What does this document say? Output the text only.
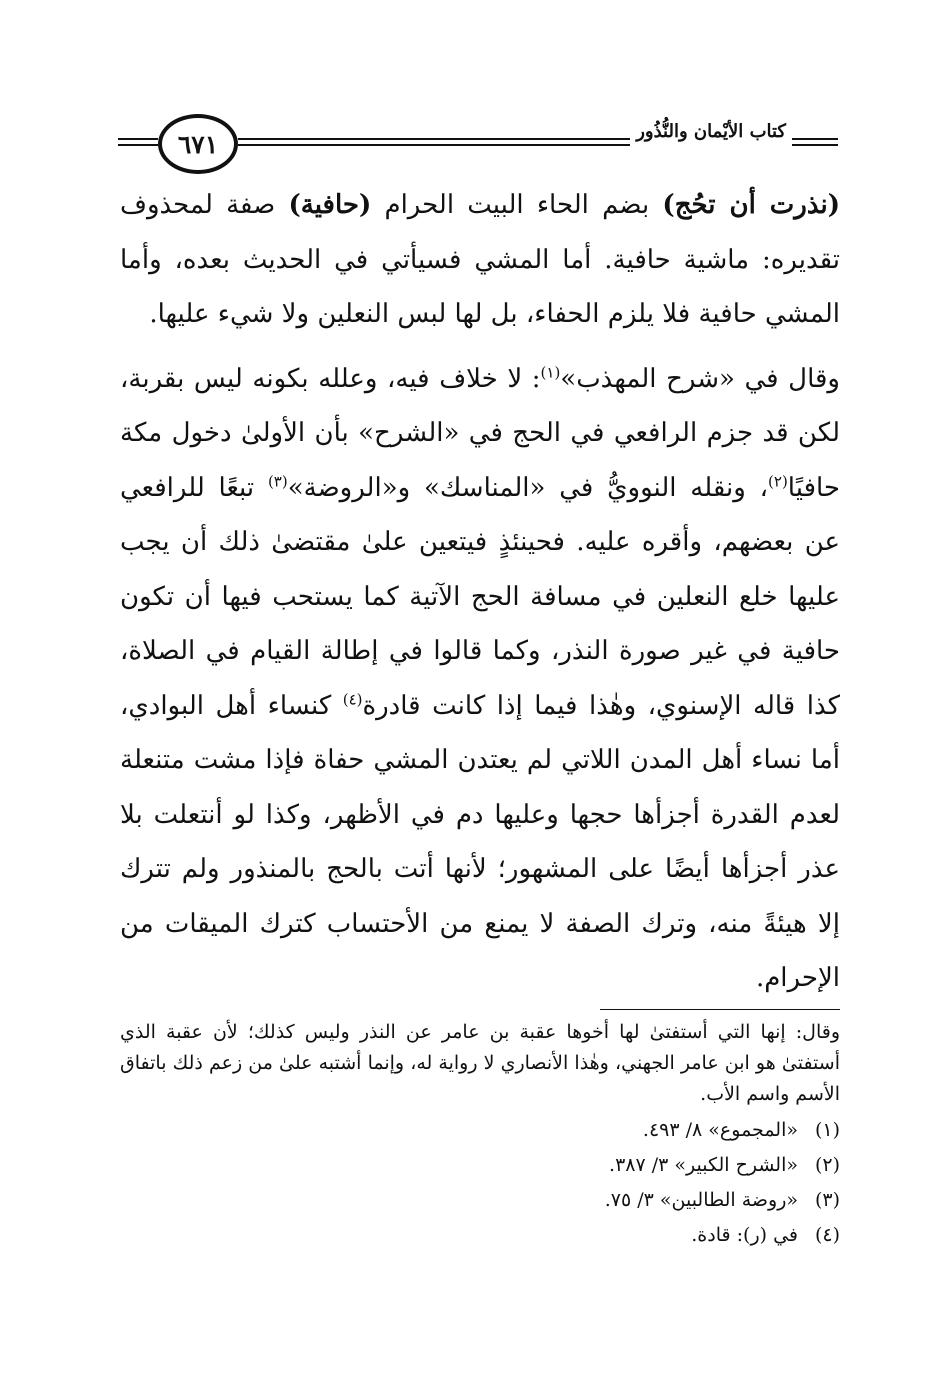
٦٧١	كتاب الأيْمان والنُّذُور

(نذرت أن تحُج) بضم الحاء البيت الحرام (حافية) صفة لمحذوف تقديره: ماشية حافية. أما المشي فسيأتي في الحديث بعده، وأما المشي حافية فلا يلزم الحفاء، بل لها لبس النعلين ولا شيء عليها.

وقال في «شرح المهذب»$^{(١)}$: لا خلاف فيه، وعلله بكونه ليس بقربة، لكن قد جزم الرافعي في الحج في «الشرح» بأن الأولىٰ دخول مكة حافيًا$^{(٢)}$، ونقله النوويُّ في «المناسك» و«الروضة»$^{(٣)}$ تبعًا للرافعي عن بعضهم، وأقره عليه. فحينئذٍ فيتعين علىٰ مقتضىٰ ذلك أن يجب عليها خلع النعلين في مسافة الحج الآتية كما يستحب فيها أن تكون حافية في غير صورة النذر، وكما قالوا في إطالة القيام في الصلاة، كذا قاله الإسنوي، وهٰذا فيما إذا كانت قادرة$^{(٤)}$ كنساء أهل البوادي، أما نساء أهل المدن اللاتي لم يعتدن المشي حفاة فإذا مشت متنعلة لعدم القدرة أجزأها حجها وعليها دم في الأظهر، وكذا لو أنتعلت بلا عذر أجزأها أيضًا على المشهور؛ لأنها أتت بالحج بالمنذور ولم تترك إلا هيئةً منه، وترك الصفة لا يمنع من الأحتساب كترك الميقات من الإحرام.

وقال: إنها التي أستفتىٰ لها أخوها عقبة بن عامر عن النذر وليس كذلك؛ لأن عقبة الذي أستفتىٰ هو ابن عامر الجهني، وهٰذا الأنصاري لا رواية له، وإنما أشتبه علىٰ من زعم ذلك باتفاق الأسم واسم الأب.

(١)«المجموع» ٨/ ٤٩٣.

(٢)«الشرح الكبير» ٣/ ٣٨٧.

(٣)«روضة الطالبين» ٣/ ٧٥.

(٤)في (ر): قادة.
